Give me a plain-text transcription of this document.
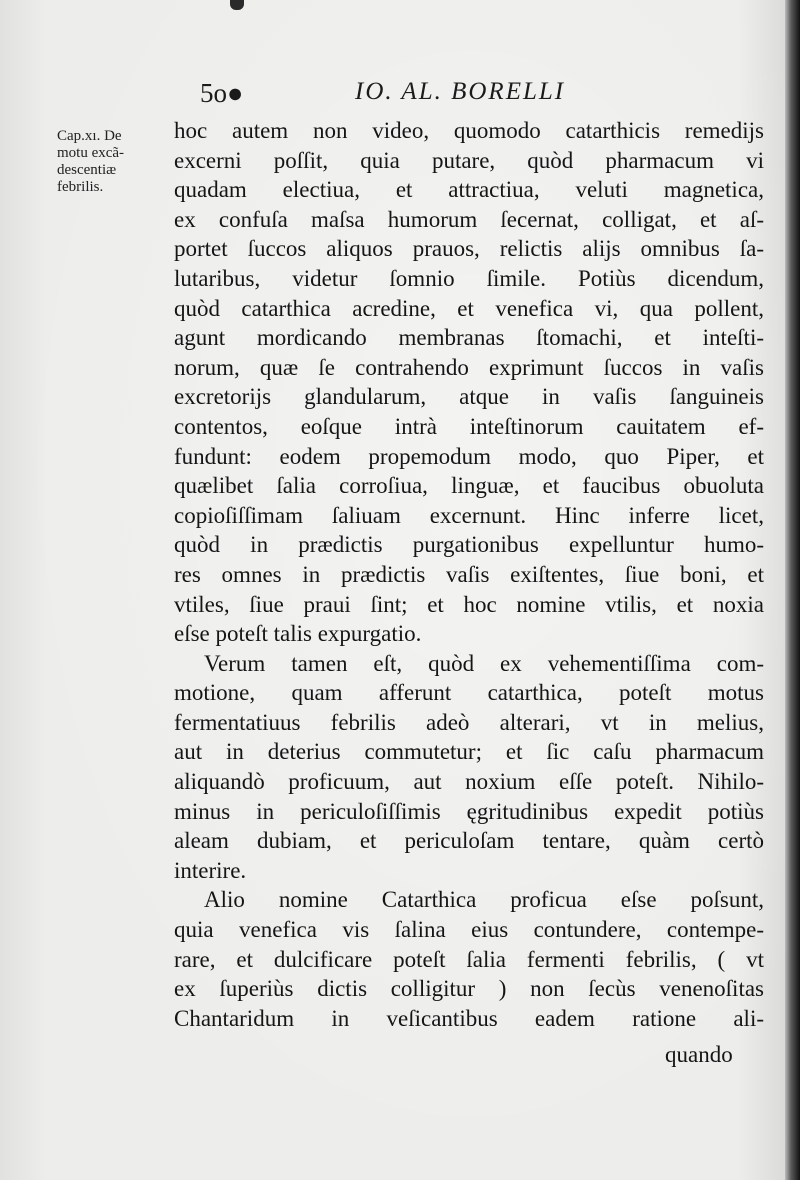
5o●	IO. AL. BORELLI
Cap.xı. De
motu excã-
descentiæ
febrilis.
hoc autem non video, quomodo catarthicis remedijs
excerni poſſit, quia putare, quòd pharmacum vi
quadam electiua, et attractiua, veluti magnetica,
ex confuſa maſsa humorum ſecernat, colligat, et aſ-
portet ſuccos aliquos prauos, relictis alijs omnibus ſa-
lutaribus, videtur ſomnio ſimile. Potiùs dicendum,
quòd catarthica acredine, et venefica vi, qua pollent,
agunt mordicando membranas ſtomachi, et inteſti-
norum, quæ ſe contrahendo exprimunt ſuccos in vaſis
excretorijs glandularum, atque in vaſis ſanguineis
contentos, eoſque intrà inteſtinorum cauitatem ef-
fundunt: eodem propemodum modo, quo Piper, et
quælibet ſalia corroſiua, linguæ, et faucibus obuoluta
copioſiſſimam ſaliuam excernunt. Hinc inferre licet,
quòd in prædictis purgationibus expelluntur humo-
res omnes in prædictis vaſis exiſtentes, ſiue boni, et
vtiles, ſiue praui ſint; et hoc nomine vtilis, et noxia
eſse poteſt talis expurgatio.
Verum tamen eſt, quòd ex vehementiſſima com-
motione, quam afferunt catarthica, poteſt motus
fermentatiuus febrilis adeò alterari, vt in melius,
aut in deterius commutetur; et ſic caſu pharmacum
aliquandò proficuum, aut noxium eſſe poteſt. Nihilo-
minus in periculoſiſſimis ęgritudinibus expedit potiùs
aleam dubiam, et periculoſam tentare, quàm certò
interire.
Alio nomine Catarthica proficua eſse poſsunt,
quia venefica vis ſalina eius contundere, contempe-
rare, et dulcificare poteſt ſalia fermenti febrilis, ( vt
ex ſuperiùs dictis colligitur ) non ſecùs venenoſitas
Chantaridum in veſicantibus eadem ratione ali-
quando
